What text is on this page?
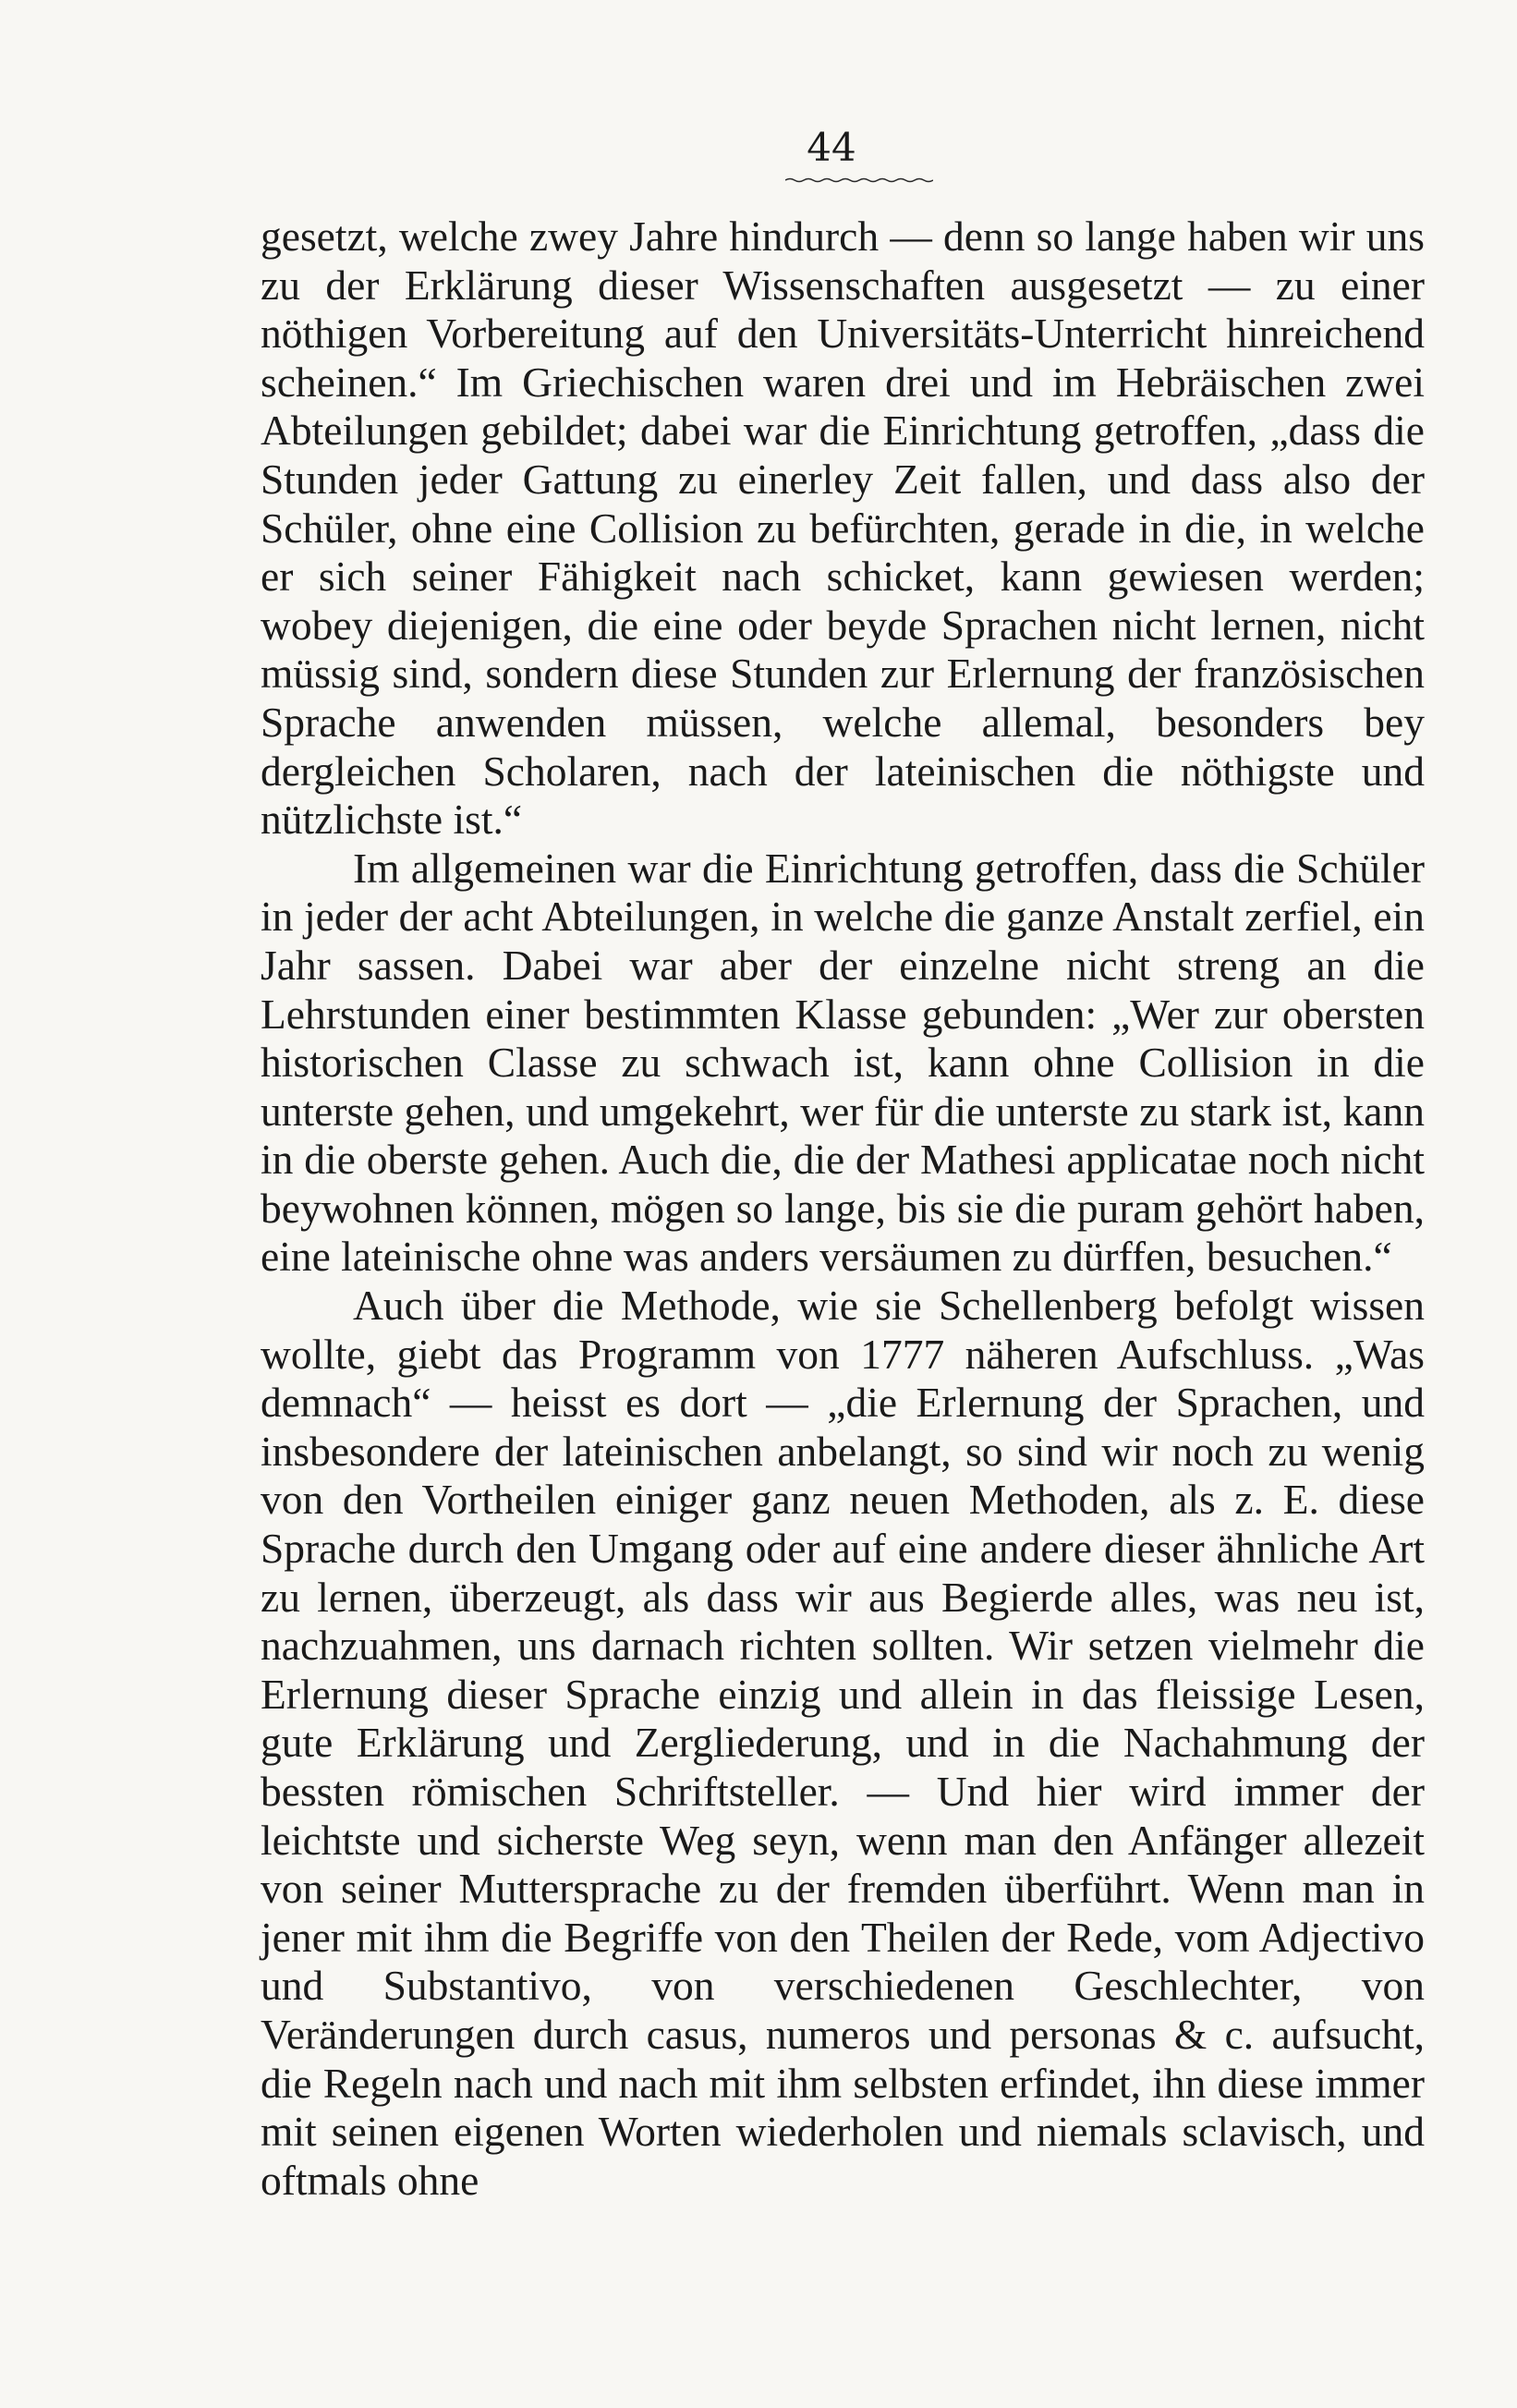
44

gesetzt, welche zwey Jahre hindurch — denn so lange haben wir uns zu der Erklärung dieser Wissenschaften ausgesetzt — zu einer nöthigen Vorbereitung auf den Universitäts-Unterricht hinreichend scheinen.“ Im Griechischen waren drei und im Hebräischen zwei Abteilungen gebildet; dabei war die Einrichtung getroffen, „dass die Stunden jeder Gattung zu einerley Zeit fallen, und dass also der Schüler, ohne eine Collision zu befürchten, gerade in die, in welche er sich seiner Fähigkeit nach schicket, kann gewiesen werden; wobey diejenigen, die eine oder beyde Sprachen nicht lernen, nicht müssig sind, sondern diese Stunden zur Erlernung der französischen Sprache anwenden müssen, welche allemal, besonders bey dergleichen Scholaren, nach der lateinischen die nöthigste und nützlichste ist.“

Im allgemeinen war die Einrichtung getroffen, dass die Schüler in jeder der acht Abteilungen, in welche die ganze Anstalt zerfiel, ein Jahr sassen. Dabei war aber der einzelne nicht streng an die Lehrstunden einer bestimmten Klasse gebunden: „Wer zur obersten historischen Classe zu schwach ist, kann ohne Collision in die unterste gehen, und umgekehrt, wer für die unterste zu stark ist, kann in die oberste gehen. Auch die, die der Mathesi applicatae noch nicht beywohnen können, mögen so lange, bis sie die puram gehört haben, eine lateinische ohne was anders versäumen zu dürffen, besuchen.“

Auch über die Methode, wie sie Schellenberg befolgt wissen wollte, giebt das Programm von 1777 näheren Aufschluss. „Was demnach“ — heisst es dort — „die Erlernung der Sprachen, und insbesondere der lateinischen anbelangt, so sind wir noch zu wenig von den Vortheilen einiger ganz neuen Methoden, als z. E. diese Sprache durch den Umgang oder auf eine andere dieser ähnliche Art zu lernen, überzeugt, als dass wir aus Begierde alles, was neu ist, nachzuahmen, uns darnach richten sollten. Wir setzen vielmehr die Erlernung dieser Sprache einzig und allein in das fleissige Lesen, gute Erklärung und Zergliederung, und in die Nachahmung der bessten römischen Schriftsteller. — Und hier wird immer der leichtste und sicherste Weg seyn, wenn man den Anfänger allezeit von seiner Muttersprache zu der fremden überführt. Wenn man in jener mit ihm die Begriffe von den Theilen der Rede, vom Adjectivo und Substantivo, von verschiedenen Geschlechter, von Veränderungen durch casus, numeros und personas & c. aufsucht, die Regeln nach und nach mit ihm selbsten erfindet, ihn diese immer mit seinen eigenen Worten wiederholen und niemals sclavisch, und oftmals ohne
